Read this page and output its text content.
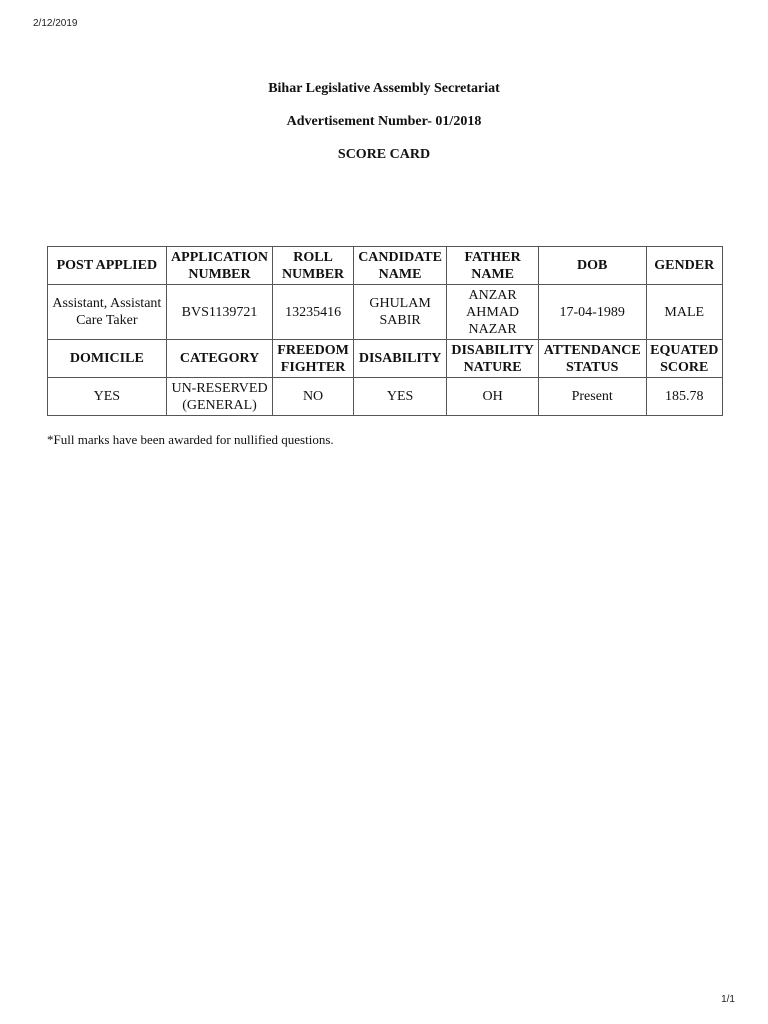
2/12/2019
Bihar Legislative Assembly Secretariat
Advertisement Number- 01/2018
SCORE CARD
POST APPLIED	APPLICATION NUMBER	ROLL NUMBER	CANDIDATE NAME	FATHER NAME	DOB	GENDER
Assistant, Assistant Care Taker	BVS1139721	13235416	GHULAM SABIR	ANZAR AHMAD NAZAR	17-04-1989	MALE
DOMICILE	CATEGORY	FREEDOM FIGHTER	DISABILITY	DISABILITY NATURE	ATTENDANCE STATUS	EQUATED SCORE
YES	UN-RESERVED (GENERAL)	NO	YES	OH	Present	185.78
*Full marks have been awarded for nullified questions.
1/1
